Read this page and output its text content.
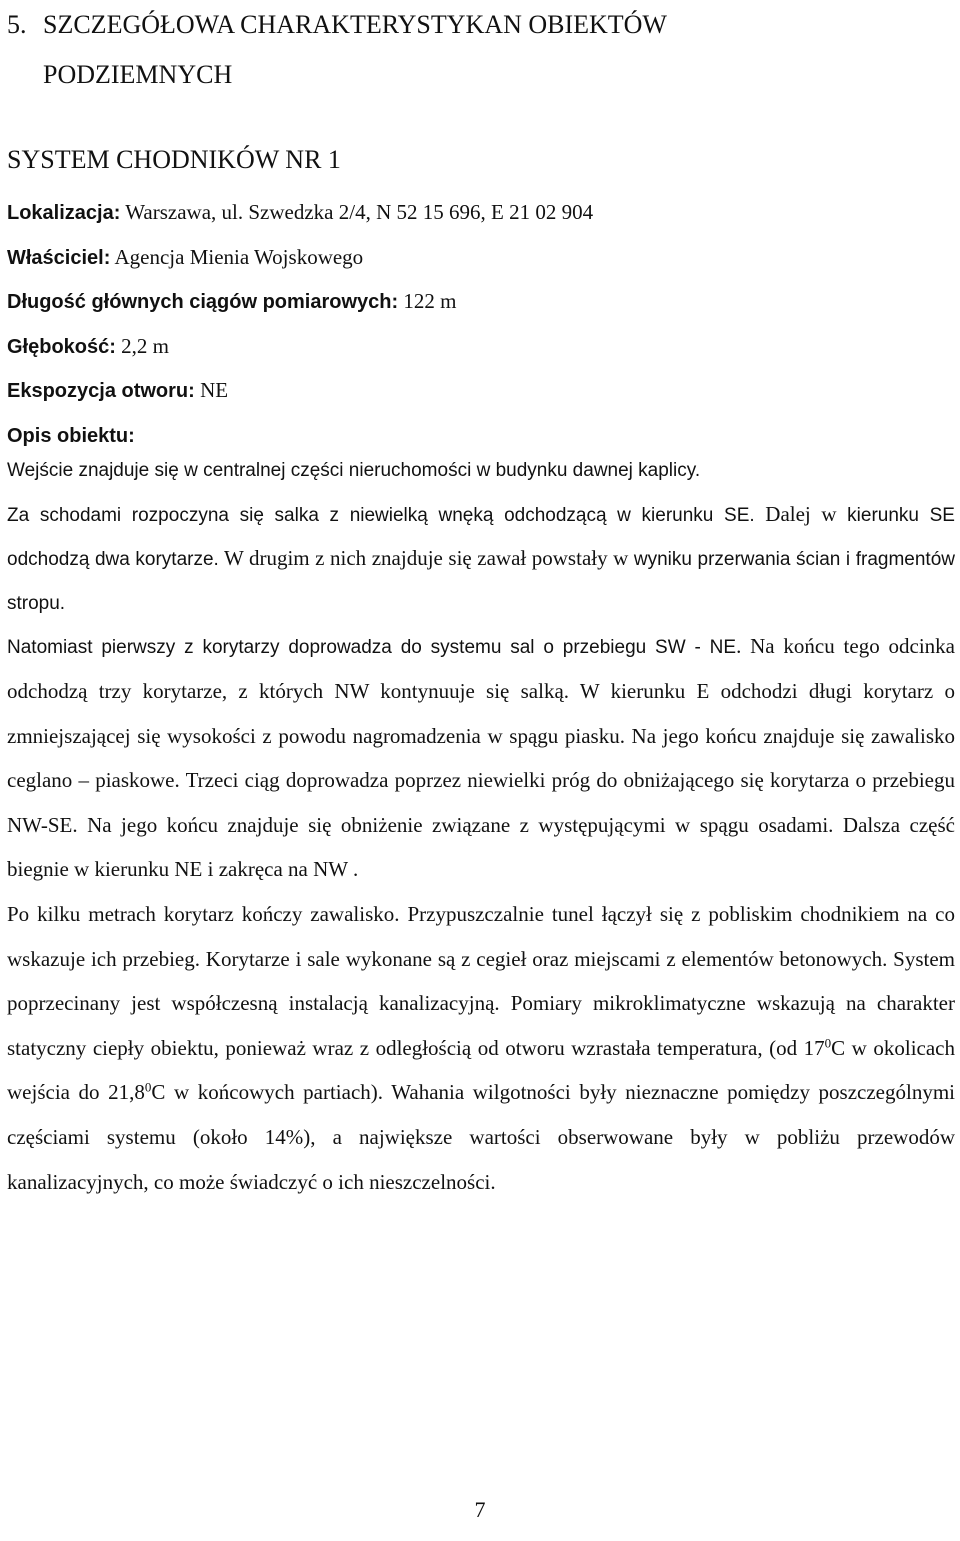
5. SZCZEGÓŁOWA CHARAKTERYSTYKAN OBIEKTÓW
PODZIEMNYCH
SYSTEM CHODNIKÓW NR 1
Lokalizacja: Warszawa, ul. Szwedzka 2/4, N 52 15 696, E 21 02 904
Właściciel: Agencja Mienia Wojskowego
Długość głównych ciągów pomiarowych: 122 m
Głębokość: 2,2 m
Ekspozycja otworu: NE
Opis obiektu:

Wejście znajduje się w centralnej części nieruchomości w budynku dawnej kaplicy.

Za schodami rozpoczyna się salka z niewielką wnęką odchodzącą w kierunku SE. Dalej w kierunku SE odchodzą dwa korytarze. W drugim z nich znajduje się zawał powstały w wyniku przerwania ścian i fragmentów stropu.

Natomiast pierwszy z korytarzy doprowadza do systemu sal o przebiegu SW - NE. Na końcu tego odcinka odchodzą trzy korytarze, z których NW kontynuuje się salką. W kierunku E odchodzi długi korytarz o zmniejszającej się wysokości z powodu nagromadzenia w spągu piasku. Na jego końcu znajduje się zawalisko ceglano – piaskowe. Trzeci ciąg doprowadza poprzez niewielki próg do obniżającego się korytarza o przebiegu NW-SE. Na jego końcu znajduje się obniżenie związane z występującymi w spągu osadami. Dalsza część biegnie w kierunku NE i zakręca na NW .

Po kilku metrach korytarz kończy zawalisko. Przypuszczalnie tunel łączył się z pobliskim chodnikiem na co wskazuje ich przebieg. Korytarze i sale wykonane są z cegieł oraz miejscami z elementów betonowych. System poprzecinany jest współczesną instalacją kanalizacyjną. Pomiary mikroklimatyczne wskazują na charakter statyczny ciepły obiektu, ponieważ wraz z odległością od otworu wzrastała temperatura, (od $17^0C$ w okolicach wejścia do 21,8$^0$C w końcowych partiach). Wahania wilgotności były nieznaczne pomiędzy poszczególnymi częściami systemu (około 14%), a największe wartości obserwowane były w pobliżu przewodów kanalizacyjnych, co może świadczyć o ich nieszczelności.

7
